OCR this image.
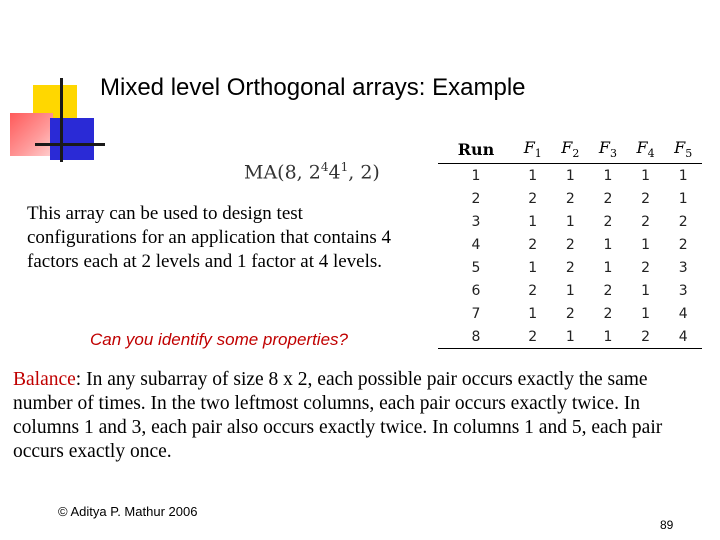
Mixed level Orthogonal arrays: Example
MA(8, $2^44^1$, 2)
This array can be used to design test configurations for an application that contains 4 factors each at 2 levels and 1 factor at 4 levels.
Can you identify some properties?
Run	$F_1$	$F_2$	$F_3$	$F_4$	$F_5$
1	1	1	1	1	1
2	2	2	2	2	1
3	1	1	2	2	2
4	2	2	1	1	2
5	1	2	1	2	3
6	2	1	2	1	3
7	1	2	2	1	4
8	2	1	1	2	4
Balance: In any subarray of size 8 x 2, each possible pair occurs exactly the same number of times. In the two leftmost columns, each pair occurs exactly twice. In columns 1 and 3, each pair also occurs exactly twice. In columns 1 and 5, each pair occurs exactly once.
© Aditya P. Mathur 2006
89
